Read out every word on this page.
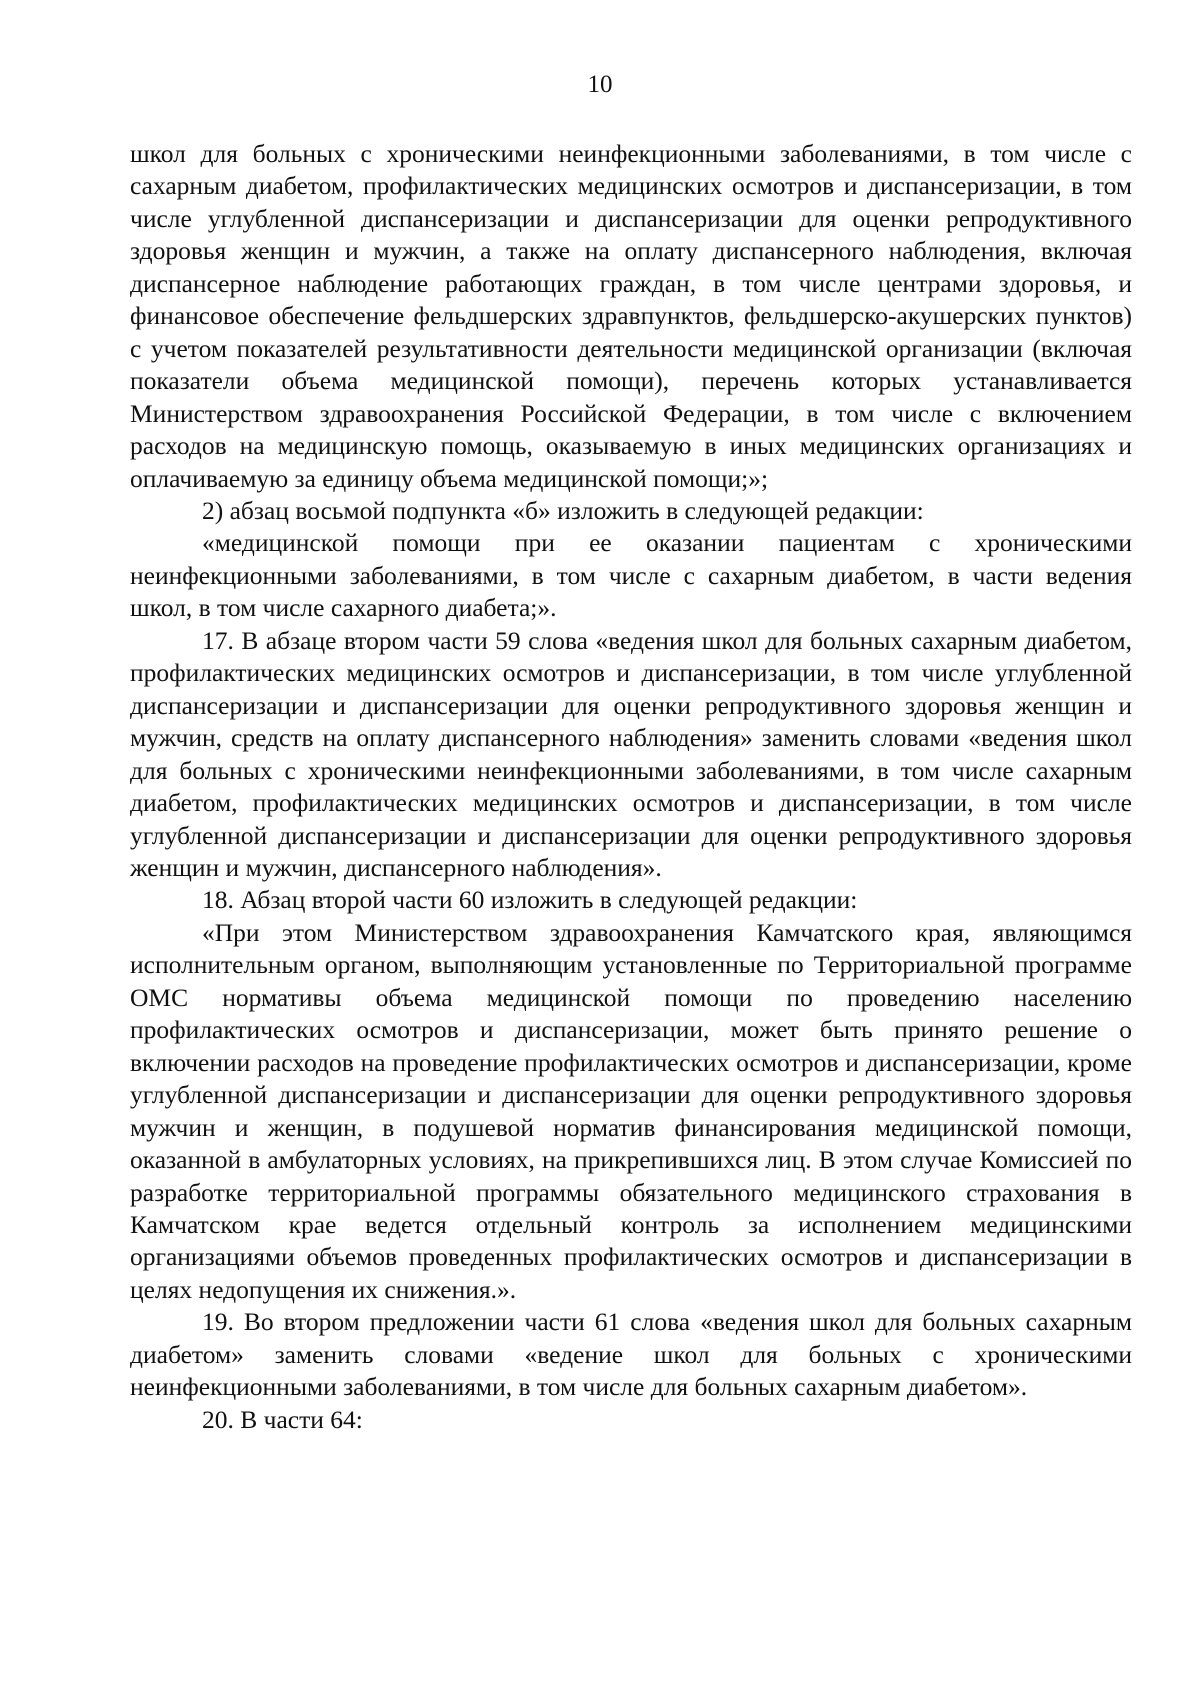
10

школ для больных с хроническими неинфекционными заболеваниями, в том числе с сахарным диабетом, профилактических медицинских осмотров и диспансеризации, в том числе углубленной диспансеризации и диспансеризации для оценки репродуктивного здоровья женщин и мужчин, а также на оплату диспансерного наблюдения, включая диспансерное наблюдение работающих граждан, в том числе центрами здоровья, и финансовое обеспечение фельдшерских здравпунктов, фельдшерско-акушерских пунктов) с учетом показателей результативности деятельности медицинской организации (включая показатели объема медицинской помощи), перечень которых устанавливается Министерством здравоохранения Российской Федерации, в том числе с включением расходов на медицинскую помощь, оказываемую в иных медицинских организациях и оплачиваемую за единицу объема медицинской помощи;»;

2) абзац восьмой подпункта «б» изложить в следующей редакции:

«медицинской помощи при ее оказании пациентам с хроническими неинфекционными заболеваниями, в том числе с сахарным диабетом, в части ведения школ, в том числе сахарного диабета;».

17. В абзаце втором части 59 слова «ведения школ для больных сахарным диабетом, профилактических медицинских осмотров и диспансеризации, в том числе углубленной диспансеризации и диспансеризации для оценки репродуктивного здоровья женщин и мужчин, средств на оплату диспансерного наблюдения» заменить словами «ведения школ для больных с хроническими неинфекционными заболеваниями, в том числе сахарным диабетом, профилактических медицинских осмотров и диспансеризации, в том числе углубленной диспансеризации и диспансеризации для оценки репродуктивного здоровья женщин и мужчин, диспансерного наблюдения».

18. Абзац второй части 60 изложить в следующей редакции:

«При этом Министерством здравоохранения Камчатского края, являющимся исполнительным органом, выполняющим установленные по Территориальной программе ОМС нормативы объема медицинской помощи по проведению населению профилактических осмотров и диспансеризации, может быть принято решение о включении расходов на проведение профилактических осмотров и диспансеризации, кроме углубленной диспансеризации и диспансеризации для оценки репродуктивного здоровья мужчин и женщин, в подушевой норматив финансирования медицинской помощи, оказанной в амбулаторных условиях, на прикрепившихся лиц. В этом случае Комиссией по разработке территориальной программы обязательного медицинского страхования в Камчатском крае ведется отдельный контроль за исполнением медицинскими организациями объемов проведенных профилактических осмотров и диспансеризации в целях недопущения их снижения.».

19. Во втором предложении части 61 слова «ведения школ для больных сахарным диабетом» заменить словами «ведение школ для больных с хроническими неинфекционными заболеваниями, в том числе для больных сахарным диабетом».

20. В части 64:
